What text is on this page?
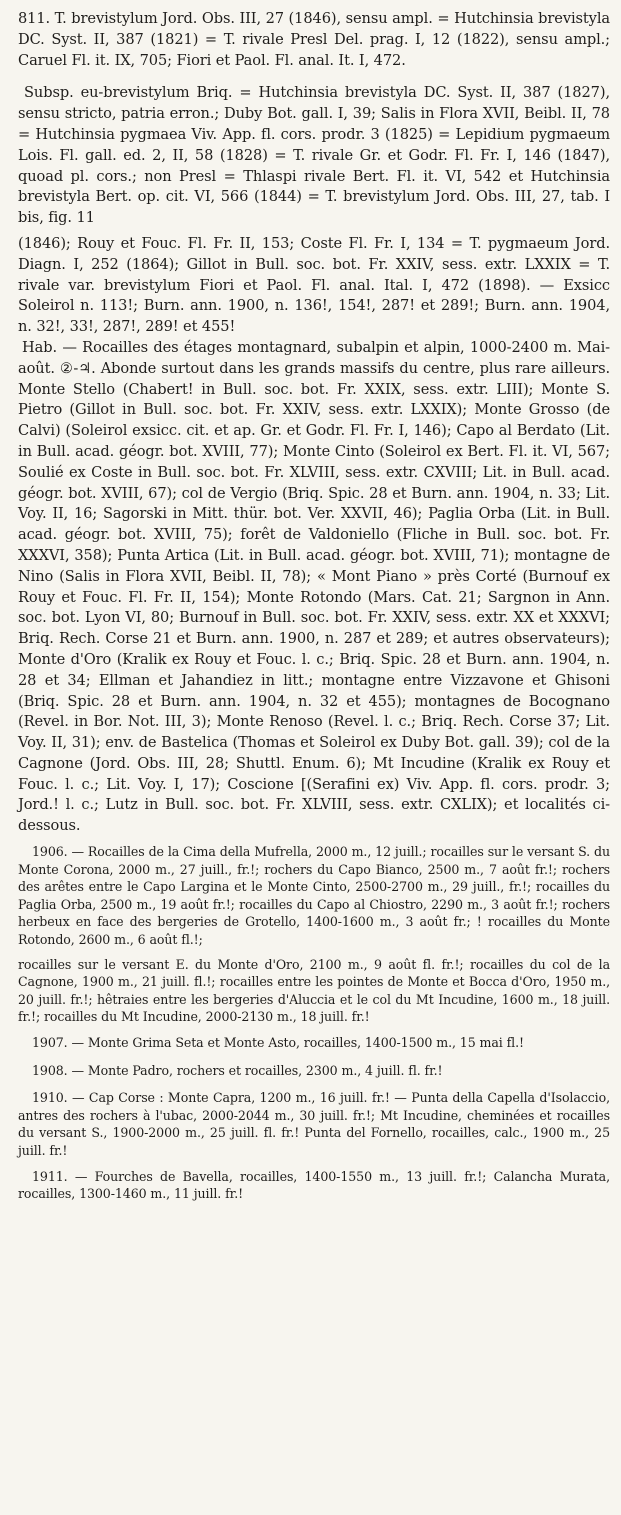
811. T. brevistylum Jord. Obs. III, 27 (1846), sensu ampl. = Hutchinsia brevistyla DC. Syst. II, 387 (1821) = T. rivale Presl Del. prag. I, 12 (1822), sensu ampl.; Caruel Fl. it. IX, 705; Fiori et Paol. Fl. anal. It. I, 472.

Subsp. eu-brevistylum Briq. = Hutchinsia brevistyla DC. Syst. II, 387 (1827), sensu stricto, patria erron.; Duby Bot. gall. I, 39; Salis in Flora XVII, Beibl. II, 78 = Hutchinsia pygmaea Viv. App. fl. cors. prodr. 3 (1825) = Lepidium pygmaeum Lois. Fl. gall. ed. 2, II, 58 (1828) = T. rivale Gr. et Godr. Fl. Fr. I, 146 (1847), quoad pl. cors.; non Presl = Thlaspi rivale Bert. Fl. it. VI, 542 et Hutchinsia brevistyla Bert. op. cit. VI, 566 (1844) = T. brevistylum Jord. Obs. III, 27, tab. I bis, fig. 11

(1846); Rouy et Fouc. Fl. Fr. II, 153; Coste Fl. Fr. I, 134 = T. pygmaeum Jord. Diagn. I, 252 (1864); Gillot in Bull. soc. bot. Fr. XXIV, sess. extr. LXXIX = T. rivale var. brevistylum Fiori et Paol. Fl. anal. Ital. I, 472 (1898). — Exsicc Soleirol n. 113!; Burn. ann. 1900, n. 136!, 154!, 287! et 289!; Burn. ann. 1904, n. 32!, 33!, 287!, 289! et 455!

Hab. — Rocailles des étages montagnard, subalpin et alpin, 1000-2400 m. Mai-août. ②-♃. Abonde surtout dans les grands massifs du centre, plus rare ailleurs. Monte Stello (Chabert! in Bull. soc. bot. Fr. XXIX, sess. extr. LIII); Monte S. Pietro (Gillot in Bull. soc. bot. Fr. XXIV, sess. extr. LXXIX); Monte Grosso (de Calvi) (Soleirol exsicc. cit. et ap. Gr. et Godr. Fl. Fr. I, 146); Capo al Berdato (Lit. in Bull. acad. géogr. bot. XVIII, 77); Monte Cinto (Soleirol ex Bert. Fl. it. VI, 567; Soulié ex Coste in Bull. soc. bot. Fr. XLVIII, sess. extr. CXVIII; Lit. in Bull. acad. géogr. bot. XVIII, 67); col de Vergio (Briq. Spic. 28 et Burn. ann. 1904, n. 33; Lit. Voy. II, 16; Sagorski in Mitt. thür. bot. Ver. XXVII, 46); Paglia Orba (Lit. in Bull. acad. géogr. bot. XVIII, 75); forêt de Valdoniello (Fliche in Bull. soc. bot. Fr. XXXVI, 358); Punta Artica (Lit. in Bull. acad. géogr. bot. XVIII, 71); montagne de Nino (Salis in Flora XVII, Beibl. II, 78); « Mont Piano » près Corté (Burnouf ex Rouy et Fouc. Fl. Fr. II, 154); Monte Rotondo (Mars. Cat. 21; Sargnon in Ann. soc. bot. Lyon VI, 80; Burnouf in Bull. soc. bot. Fr. XXIV, sess. extr. XX et XXXVI; Briq. Rech. Corse 21 et Burn. ann. 1900, n. 287 et 289; et autres observateurs); Monte d'Oro (Kralik ex Rouy et Fouc. l. c.; Briq. Spic. 28 et Burn. ann. 1904, n. 28 et 34; Ellman et Jahandiez in litt.; montagne entre Vizzavone et Ghisoni (Briq. Spic. 28 et Burn. ann. 1904, n. 32 et 455); montagnes de Bocognano (Revel. in Bor. Not. III, 3); Monte Renoso (Revel. l. c.; Briq. Rech. Corse 37; Lit. Voy. II, 31); env. de Bastelica (Thomas et Soleirol ex Duby Bot. gall. 39); col de la Cagnone (Jord. Obs. III, 28; Shuttl. Enum. 6); Mt Incudine (Kralik ex Rouy et Fouc. l. c.; Lit. Voy. I, 17); Coscione [(Serafini ex) Viv. App. fl. cors. prodr. 3; Jord.! l. c.; Lutz in Bull. soc. bot. Fr. XLVIII, sess. extr. CXLIX); et localités ci-dessous.

1906. — Rocailles de la Cima della Mufrella, 2000 m., 12 juill.; rocailles sur le versant S. du Monte Corona, 2000 m., 27 juill., fr.!; rochers du Capo Bianco, 2500 m., 7 août fr.!; rochers des arêtes entre le Capo Largina et le Monte Cinto, 2500-2700 m., 29 juill., fr.!; rocailles du Paglia Orba, 2500 m., 19 août fr.!; rocailles du Capo al Chiostro, 2290 m., 3 août fr.!; rochers herbeux en face des bergeries de Grotello, 1400-1600 m., 3 août fr.; ! rocailles du Monte Rotondo, 2600 m., 6 août fl.!;

rocailles sur le versant E. du Monte d'Oro, 2100 m., 9 août fl. fr.!; rocailles du col de la Cagnone, 1900 m., 21 juill. fl.!; rocailles entre les pointes de Monte et Bocca d'Oro, 1950 m., 20 juill. fr.!; hêtraies entre les bergeries d'Aluccia et le col du Mt Incudine, 1600 m., 18 juill. fr.!; rocailles du Mt Incudine, 2000-2130 m., 18 juill. fr.!

1907. — Monte Grima Seta et Monte Asto, rocailles, 1400-1500 m., 15 mai fl.!

1908. — Monte Padro, rochers et rocailles, 2300 m., 4 juill. fl. fr.!

1910. — Cap Corse : Monte Capra, 1200 m., 16 juill. fr.! — Punta della Capella d'Isolaccio, antres des rochers à l'ubac, 2000-2044 m., 30 juill. fr.!; Mt Incudine, cheminées et rocailles du versant S., 1900-2000 m., 25 juill. fl. fr.! Punta del Fornello, rocailles, calc., 1900 m., 25 juill. fr.!

1911. — Fourches de Bavella, rocailles, 1400-1550 m., 13 juill. fr.!; Calancha Murata, rocailles, 1300-1460 m., 11 juill. fr.!
